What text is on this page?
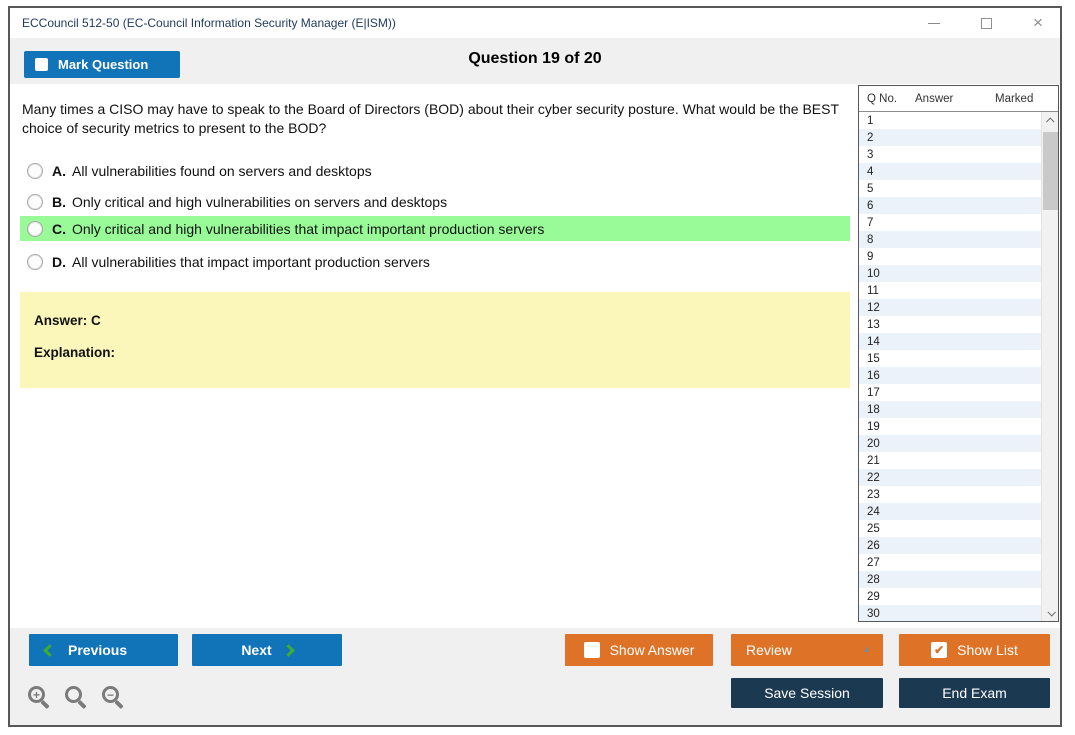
ECCouncil 512-50 (EC-Council Information Security Manager (E|ISM))	×
Mark Question	Question 19 of 20
Many times a CISO may have to speak to the Board of Directors (BOD) about their cyber security posture. What would be the BEST choice of security metrics to present to the BOD?
A. All vulnerabilities found on servers and desktops
B. Only critical and high vulnerabilities on servers and desktops
C. Only critical and high vulnerabilities that impact important production servers
D. All vulnerabilities that impact important production servers
Answer: C
Explanation:
Q No.	Answer	Marked
1
2
3
4
5
6
7
8
9
10
11
12
13
14
15
16
17
18
19
20
21
22
23
24
25
26
27
28
29
30
Previous	Next	Show Answer	Review	▲	✔ Show List
Save Session	End Exam
+	−
